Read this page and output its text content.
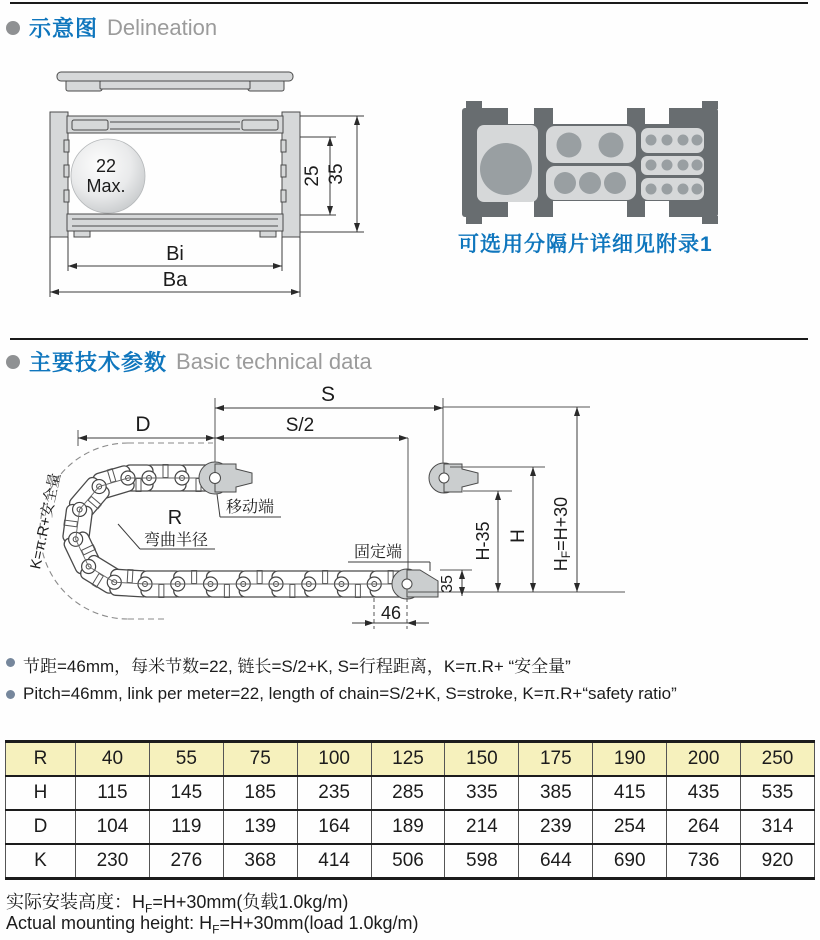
示意图 Delineation
22
Max.	25 35
Bi
Ba
可选用分隔片详细见附录1
主要技术参数 Basic technical data
S
S/2
D
R
弯曲半径
移动端
固定端
K=π.R+安全量	H-35 H
HF=H+30
35
46
节距=46mm，每米节数=22, 链长=S/2+K, S=行程距离，K=π.R+ “安全量”
Pitch=46mm, link per meter=22, length of chain=S/2+K, S=stroke, K=π.R+“safety ratio”
R	40	55	75	100	125	150	175	190	200	250
H	115	145	185	235	285	335	385	415	435	535
D	104	119	139	164	189	214	239	254	264	314
K	230	276	368	414	506	598	644	690	736	920
实际安装高度：$H_F=H+30mm$(负载1.0kg/m)
Actual mounting height: $H_F=H+30mm(load$ 1.0kg/m)
